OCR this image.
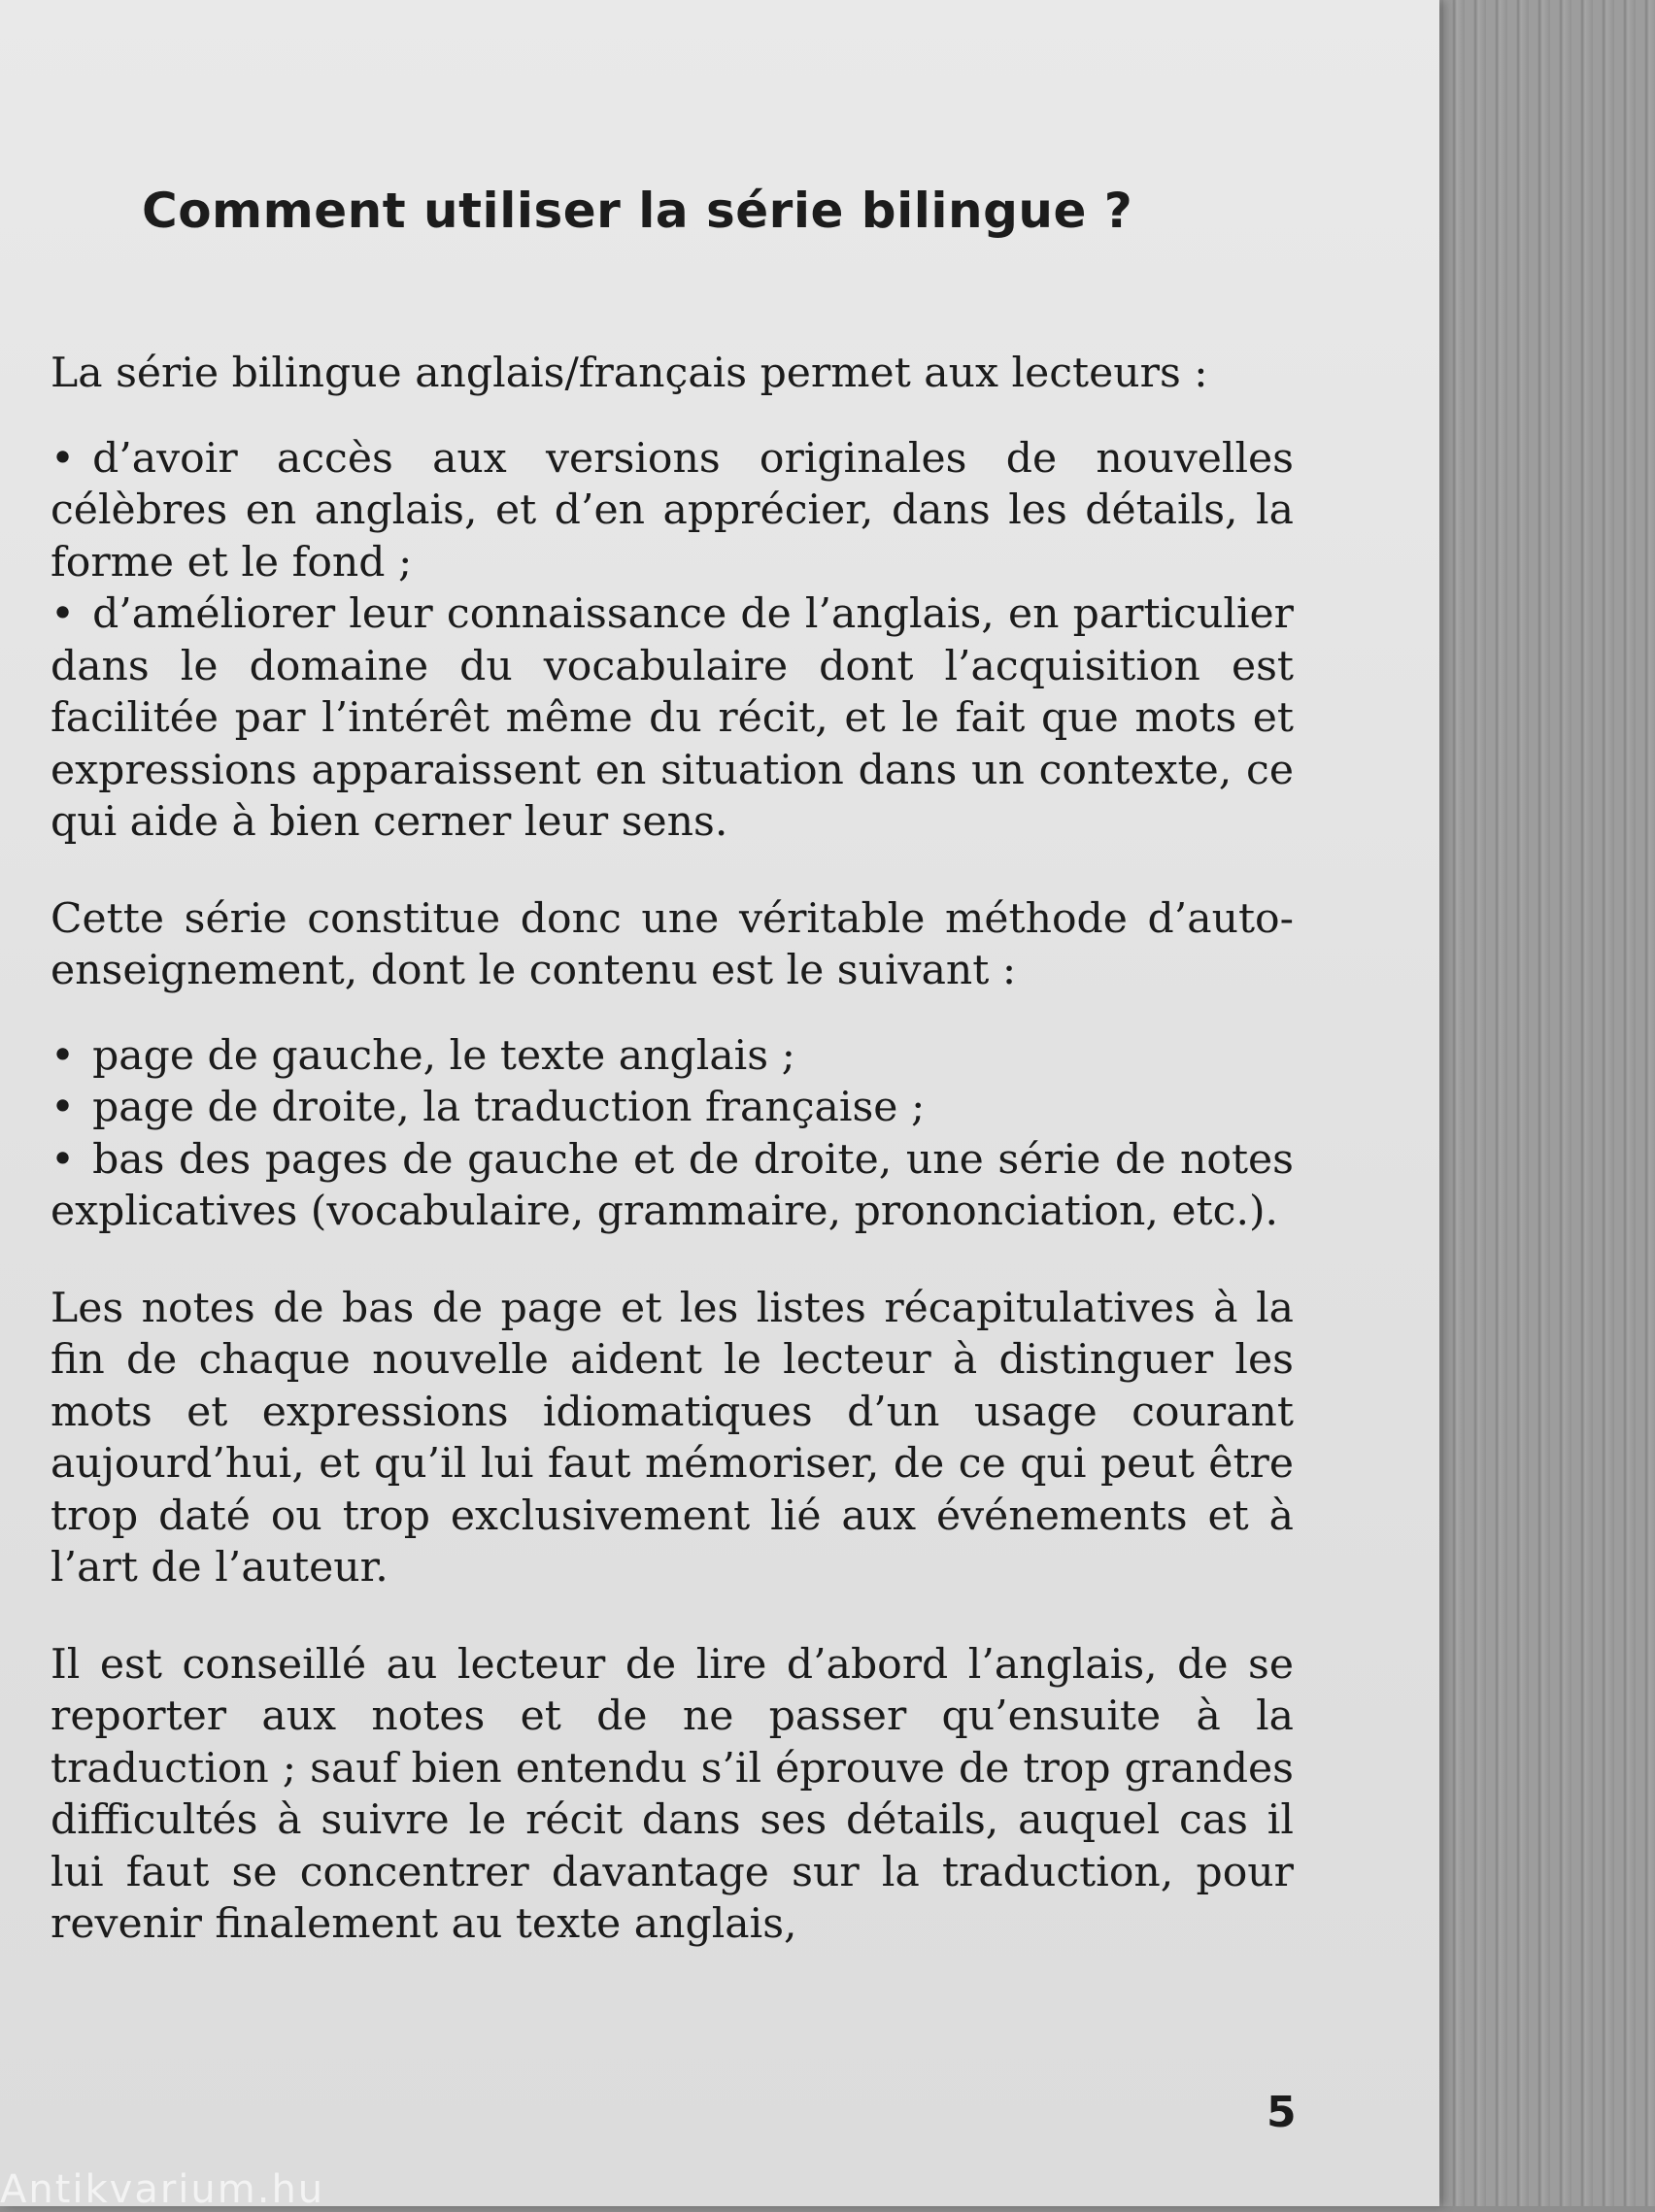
Comment utiliser la série bilingue ?

La série bilingue anglais/français permet aux lecteurs :

• d’avoir accès aux versions originales de nouvelles célèbres en anglais, et d’en apprécier, dans les détails, la forme et le fond ;
• d’améliorer leur connaissance de l’anglais, en particulier dans le domaine du vocabulaire dont l’acquisition est facilitée par l’intérêt même du récit, et le fait que mots et expressions apparaissent en situation dans un contexte, ce qui aide à bien cerner leur sens.

Cette série constitue donc une véritable méthode d’auto-enseignement, dont le contenu est le suivant :

• page de gauche, le texte anglais ;
• page de droite, la traduction française ;
• bas des pages de gauche et de droite, une série de notes explicatives (vocabulaire, grammaire, prononciation, etc.).

Les notes de bas de page et les listes récapitulatives à la fin de chaque nouvelle aident le lecteur à distinguer les mots et expressions idiomatiques d’un usage courant aujourd’hui, et qu’il lui faut mémoriser, de ce qui peut être trop daté ou trop exclusivement lié aux événements et à l’art de l’auteur.

Il est conseillé au lecteur de lire d’abord l’anglais, de se reporter aux notes et de ne passer qu’ensuite à la traduction ; sauf bien entendu s’il éprouve de trop grandes difficultés à suivre le récit dans ses détails, auquel cas il lui faut se concentrer davantage sur la traduction, pour revenir finalement au texte anglais,

5
Antikvarium.hu
